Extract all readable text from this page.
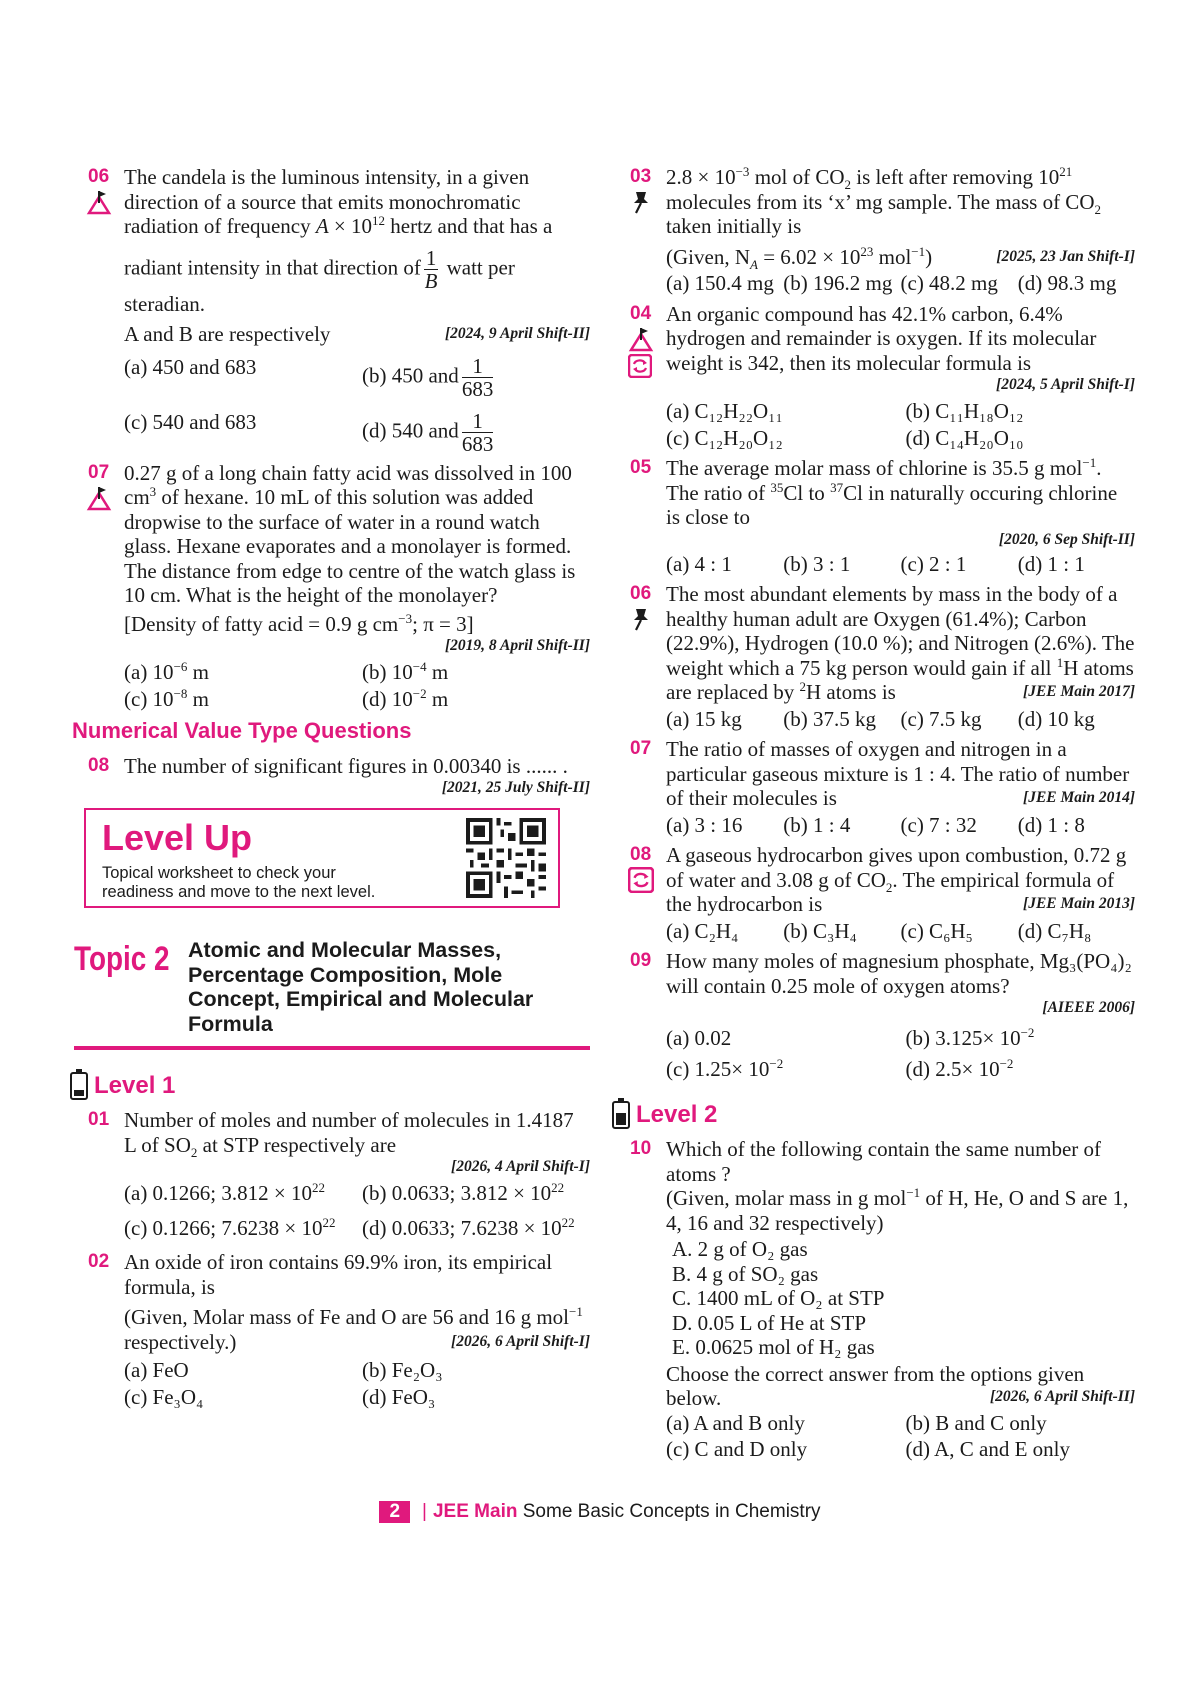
06 The candela is the luminous intensity, in a given direction of a source that emits monochromatic radiation of frequency $A \times 10^{12}$ hertz and that has a
radiant intensity in that direction of $\frac{1}{B}$ watt per steradian.
[2024, 9 April Shift-II]
A and B are respectively
(a) 450 and 683	(b) 450 and $\frac{1}{683}$
(c) 540 and 683	(d) 540 and $\frac{1}{683}$
07 0.27 g of a long chain fatty acid was dissolved in 100 $cm^3$ of hexane. 10 mL of this solution was added dropwise to the surface of water in a round watch glass. Hexane evaporates and a monolayer is formed. The distance from edge to centre of the watch glass is 10 cm. What is the height of the monolayer?
[Density of fatty acid = 0.9 g $cm^{-3}$; π = 3]
[2019, 8 April Shift-II]
(a) $10^{-6}$ m	(b) $10^{-4}$ m
(c) $10^{-8}$ m	(d) $10^{-2}$ m
Numerical Value Type Questions
08 The number of significant figures in 0.00340 is ...... .
[2021, 25 July Shift-II]
Level Up
Topical worksheet to check your readiness and move to the next level.
Topic 2 Atomic and Molecular Masses, Percentage Composition, Mole Concept, Empirical and Molecular Formula
Level 1
01 Number of moles and number of molecules in 1.4187 L of $SO_2$ at STP respectively are
[2026, 4 April Shift-I]
(a) 0.1266; $3.812 \times 10^{22}$	(b) 0.0633; $3.812 \times 10^{22}$
(c) 0.1266; $7.6238 \times 10^{22}$	(d) 0.0633; $7.6238 \times 10^{22}$
02 An oxide of iron contains 69.9% iron, its empirical formula, is
(Given, Molar mass of Fe and O are 56 and 16 g mol$^{-1}$ respectively.)	[2026, 6 April Shift-I]
(a) FeO	(b) Fe₂O₃
(c) Fe₃O₄	(d) FeO₃
03 $2.8 \times 10^{-3}$ mol of $CO_2$ is left after removing $10^{21}$ molecules from its ‘x’ mg sample. The mass of $CO_2$ taken initially is
(Given, $N_A = 6.02 \times 10^{23}$ mol$^{-1}$)	[2025, 23 Jan Shift-I]
(a) 150.4 mg (b) 196.2 mg (c) 48.2 mg (d) 98.3 mg
04 An organic compound has 42.1% carbon, 6.4% hydrogen and remainder is oxygen. If its molecular weight is 342, then its molecular formula is
[2024, 5 April Shift-I]
(a) C₁₂H₂₂O₁₁	(b) C₁₁H₁₈O₁₂
(c) C₁₂H₂₀O₁₂	(d) C₁₄H₂₀O₁₀
05 The average molar mass of chlorine is 35.5 g mol$^{-1}$. The ratio of $^{35}$Cl to $^{37}$Cl in naturally occuring chlorine is close to
[2020, 6 Sep Shift-II]
(a) 4 : 1	(b) 3 : 1	(c) 2 : 1	(d) 1 : 1
06 The most abundant elements by mass in the body of a healthy human adult are Oxygen (61.4%); Carbon (22.9%), Hydrogen (10.0 %); and Nitrogen (2.6%). The weight which a 75 kg person would gain if all $^1$H atoms are replaced by $^2$H atoms is	[JEE Main 2017]
(a) 15 kg	(b) 37.5 kg	(c) 7.5 kg	(d) 10 kg
07 The ratio of masses of oxygen and nitrogen in a particular gaseous mixture is 1 : 4. The ratio of number of their molecules is	[JEE Main 2014]
(a) 3 : 16	(b) 1 : 4	(c) 7 : 32	(d) 1 : 8
08 A gaseous hydrocarbon gives upon combustion, 0.72 g of water and 3.08 g of $CO_2$. The empirical formula of the hydrocarbon is	[JEE Main 2013]
(a) C₂H₄	(b) C₃H₄	(c) C₆H₅	(d) C₇H₈
09 How many moles of magnesium phosphate, Mg₃(PO₄)₂ will contain 0.25 mole of oxygen atoms?
[AIEEE 2006]
(a) 0.02	(b) $3.125\times 10^{-2}$
(c) $1.25\times 10^{-2}$	(d) $2.5\times 10^{-2}$
Level 2
10 Which of the following contain the same number of atoms ?
(Given, molar mass in g mol$^{-1}$ of H, He, O and S are 1, 4, 16 and 32 respectively)
A. 2 g of O₂ gas
B. 4 g of SO₂ gas
C. 1400 mL of O₂ at STP
D. 0.05 L of He at STP
E. 0.0625 mol of H₂ gas
Choose the correct answer from the options given below.	[2026, 6 April Shift-II]
(a) A and B only	(b) B and C only
(c) C and D only	(d) A, C and E only
2 | JEE Main Some Basic Concepts in Chemistry
